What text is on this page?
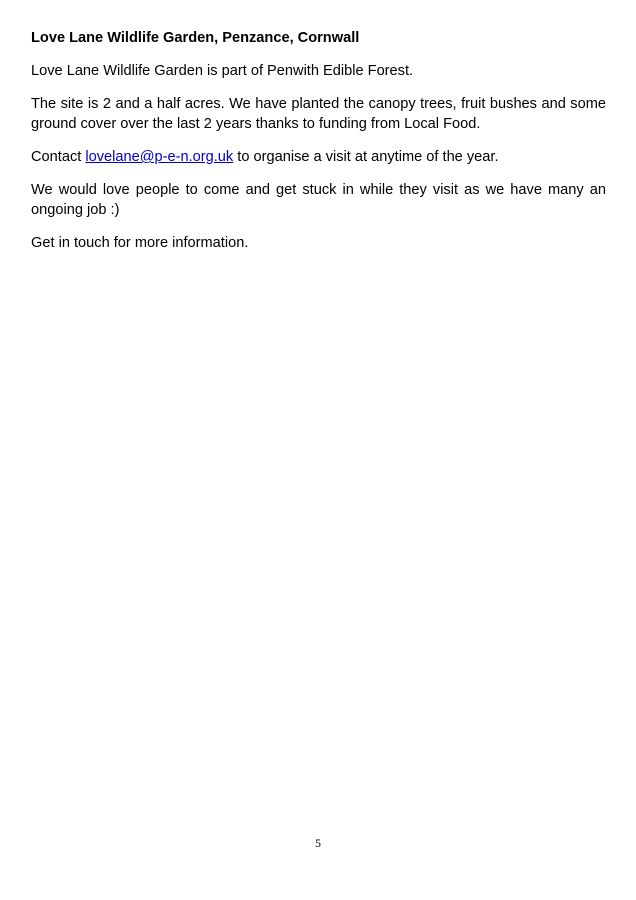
Love Lane Wildlife Garden, Penzance, Cornwall
Love Lane Wildlife Garden is part of Penwith Edible Forest.
The site is 2 and a half acres. We have planted the canopy trees, fruit bushes and some ground cover over the last 2 years thanks to funding from Local Food.
Contact lovelane@p-e-n.org.uk to organise a visit at anytime of the year.
We would love people to come and get stuck in while they visit as we have many an ongoing job :)
Get in touch for more information.
5
